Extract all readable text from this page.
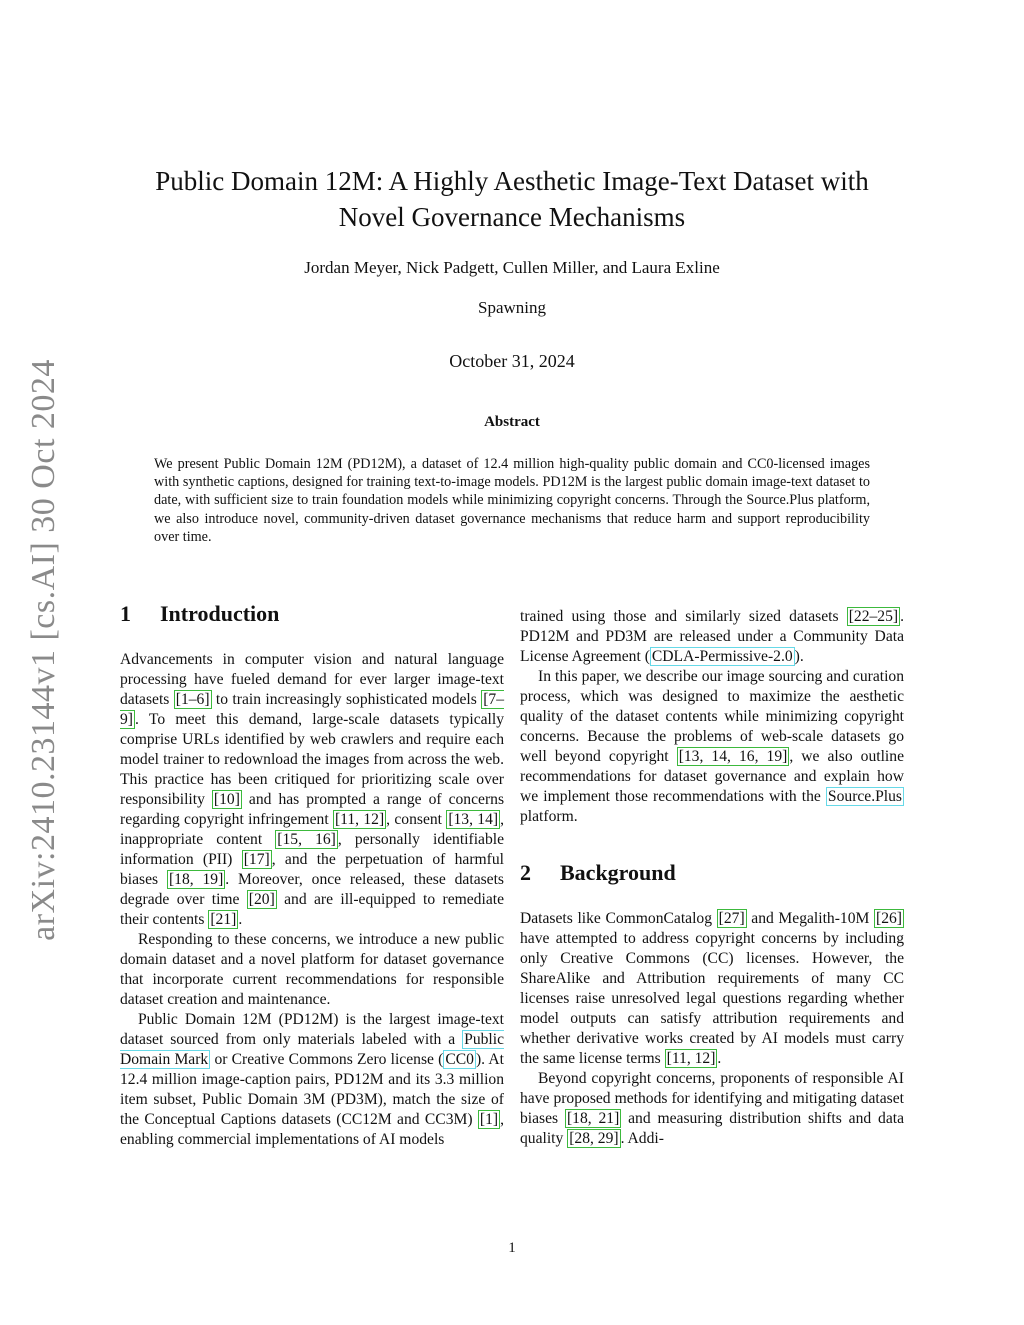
arXiv:2410.23144v1 [cs.AI] 30 Oct 2024
Public Domain 12M: A Highly Aesthetic Image-Text Dataset with
Novel Governance Mechanisms

Jordan Meyer, Nick Padgett, Cullen Miller, and Laura Exline

Spawning

October 31, 2024

Abstract

We present Public Domain 12M (PD12M), a dataset of 12.4 million high-quality public domain and CC0-licensed images with synthetic captions, designed for training text-to-image models. PD12M is the largest public domain image-text dataset to date, with sufficient size to train foundation models while minimizing copyright concerns. Through the Source.Plus platform, we also introduce novel, community-driven dataset governance mechanisms that reduce harm and support reproducibility over time.

1 Introduction

Advancements in computer vision and natural language processing have fueled demand for ever larger image-text datasets [1–6] to train increasingly sophisticated models [7–9] . To meet this demand, large-scale datasets typically comprise URLs identified by web crawlers and require each model trainer to redownload the images from across the web. This practice has been critiqued for prioritizing scale over responsibility [10] and has prompted a range of concerns regarding copyright infringement [11, 12] , consent [13, 14] , inappropriate content [15, 16] , personally identifiable information (PII) [17] , and the perpetuation of harmful biases [18, 19] . Moreover, once released, these datasets degrade over time [20] and are ill-equipped to remediate their contents [21] .

Responding to these concerns, we introduce a new public domain dataset and a novel platform for dataset governance that incorporate current recommendations for responsible dataset creation and maintenance.

Public Domain 12M (PD12M) is the largest image-text dataset sourced from only materials labeled with a Public Domain Mark or Creative Commons Zero license ( CC0 ). At 12.4 million image-caption pairs, PD12M and its 3.3 million item subset, Public Domain 3M (PD3M), match the size of the Conceptual Captions datasets (CC12M and CC3M) [1] , enabling commercial implementations of AI models

trained using those and similarly sized datasets [22–25] . PD12M and PD3M are released under a Community Data License Agreement ( CDLA-Permissive-2.0 ).

In this paper, we describe our image sourcing and curation process, which was designed to maximize the aesthetic quality of the dataset contents while minimizing copyright concerns. Because the problems of web-scale datasets go well beyond copyright [13, 14, 16, 19] , we also outline recommendations for dataset governance and explain how we implement those recommendations with the Source.Plus platform.

2 Background

Datasets like CommonCatalog [27] and Megalith-10M [26] have attempted to address copyright concerns by including only Creative Commons (CC) licenses. However, the ShareAlike and Attribution requirements of many CC licenses raise unresolved legal questions regarding whether model outputs can satisfy attribution requirements and whether derivative works created by AI models must carry the same license terms [11, 12] .

Beyond copyright concerns, proponents of responsible AI have proposed methods for identifying and mitigating dataset biases [18, 21] and measuring distribution shifts and data quality [28, 29] . Addi-

1
